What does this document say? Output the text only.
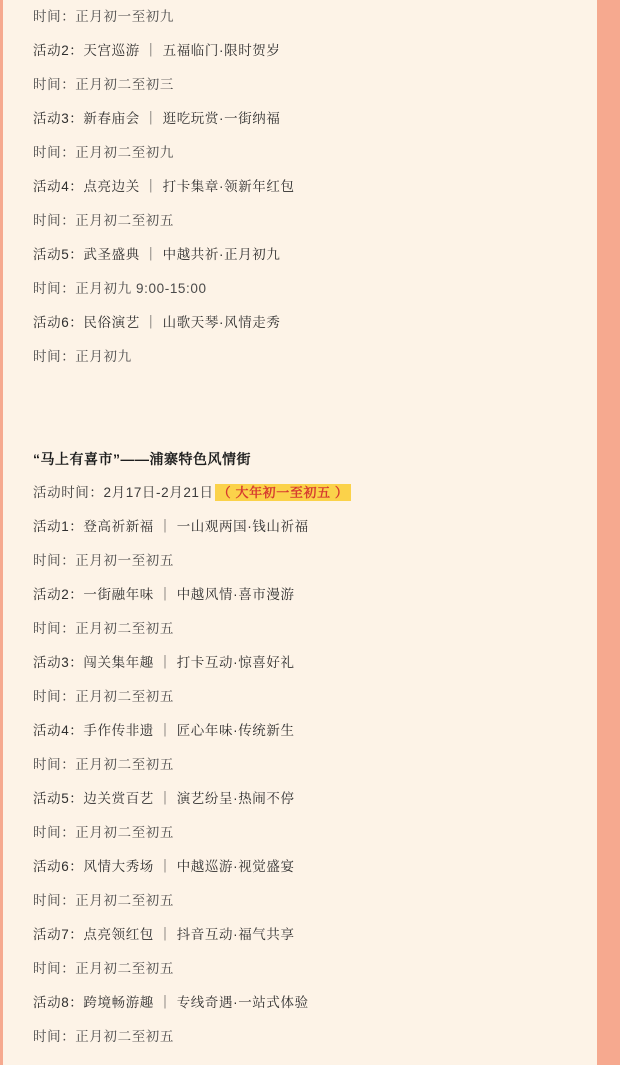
时间：正月初一至初九
活动2：天宫巡游 ｜ 五福临门·限时贺岁
时间：正月初二至初三
活动3：新春庙会 ｜ 逛吃玩赏·一街纳福
时间：正月初二至初九
活动4：点亮边关 ｜ 打卡集章·领新年红包
时间：正月初二至初五
活动5：武圣盛典 ｜ 中越共祈·正月初九
时间：正月初九 9:00-15:00
活动6：民俗演艺 ｜ 山歌天琴·风情走秀
时间：正月初九
“马上有喜市”——浦寨特色风情街
活动时间：2月17日-2月21日 （ 大年初一至初五 ）
活动1：登高祈新福 ｜ 一山观两国·钱山祈福
时间：正月初一至初五
活动2：一街融年味 ｜ 中越风情·喜市漫游
时间：正月初二至初五
活动3：闯关集年趣 ｜ 打卡互动·惊喜好礼
时间：正月初二至初五
活动4：手作传非遗 ｜ 匠心年味·传统新生
时间：正月初二至初五
活动5：边关赏百艺 ｜ 演艺纷呈·热闹不停
时间：正月初二至初五
活动6：风情大秀场 ｜ 中越巡游·视觉盛宴
时间：正月初二至初五
活动7：点亮领红包 ｜ 抖音互动·福气共享
时间：正月初二至初五
活动8：跨境畅游趣 ｜ 专线奇遇·一站式体验
时间：正月初二至初五
